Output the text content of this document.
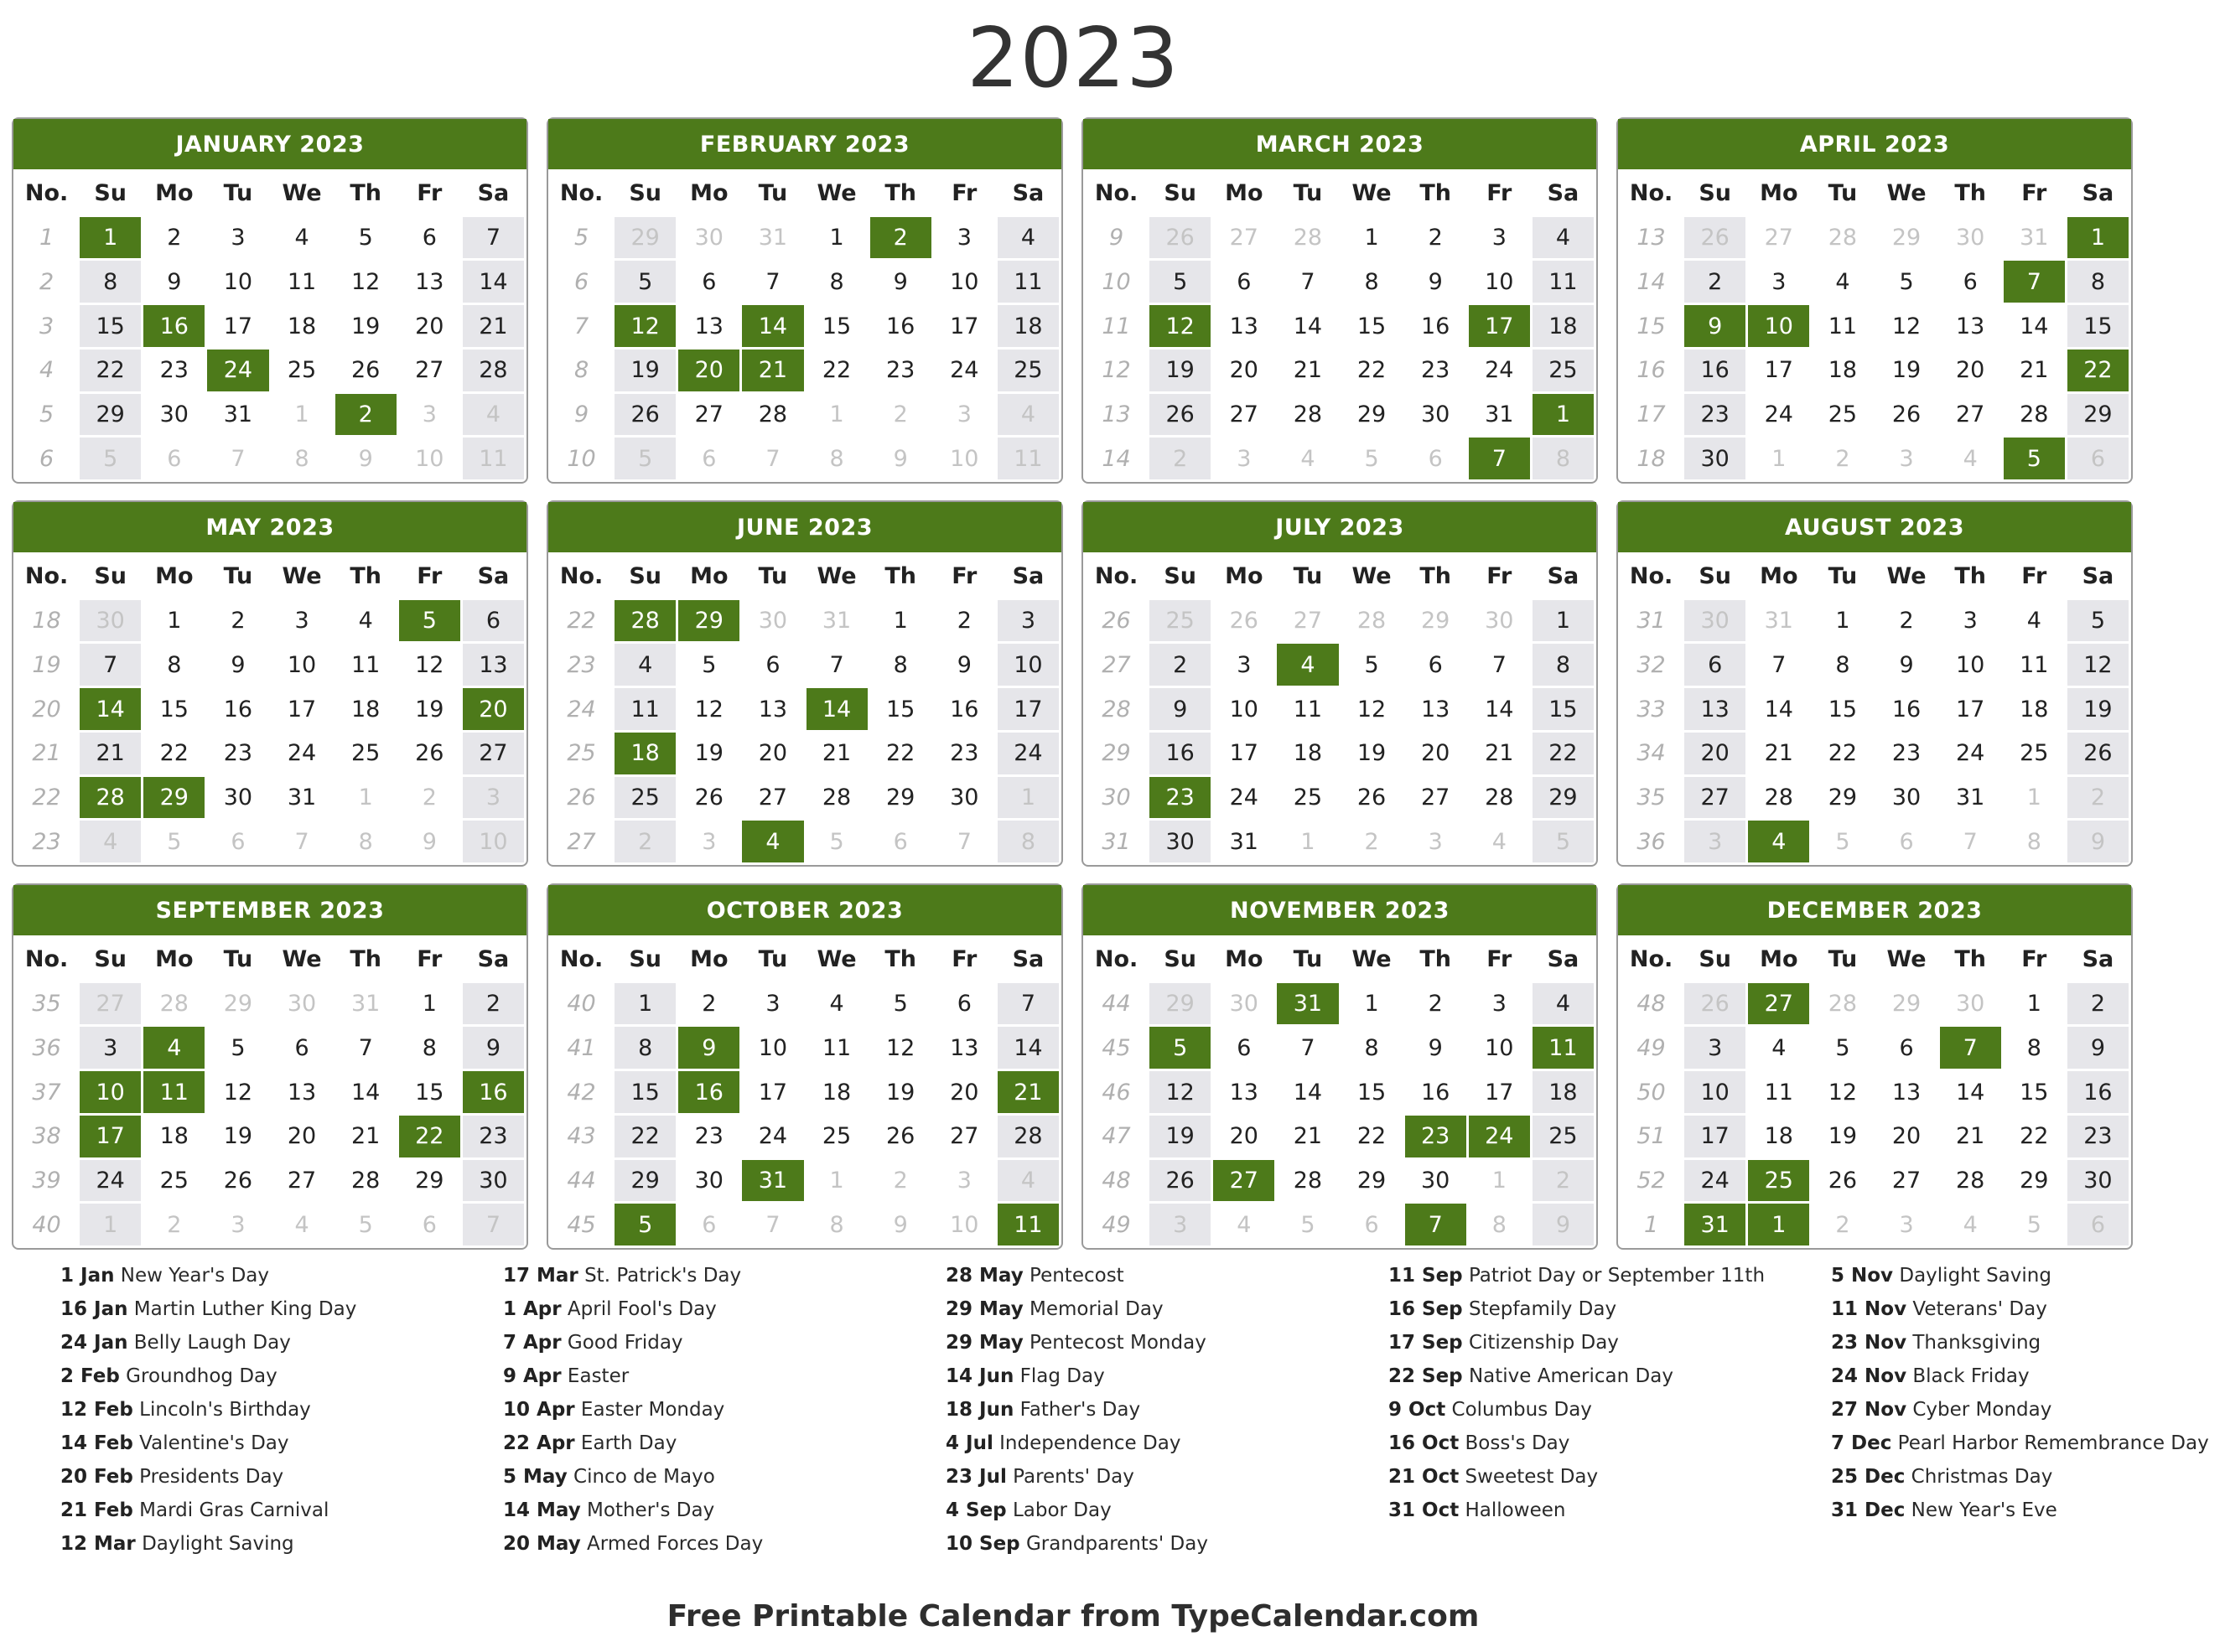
2023
JANUARY 2023
No.	Su	Mo	Tu	We	Th	Fr	Sa
1	1	2	3	4	5	6	7
2	8	9	10	11	12	13	14
3	15	16	17	18	19	20	21
4	22	23	24	25	26	27	28
5	29	30	31	1	2	3	4
6	5	6	7	8	9	10	11
FEBRUARY 2023
No.	Su	Mo	Tu	We	Th	Fr	Sa
5	29	30	31	1	2	3	4
6	5	6	7	8	9	10	11
7	12	13	14	15	16	17	18
8	19	20	21	22	23	24	25
9	26	27	28	1	2	3	4
10	5	6	7	8	9	10	11
MARCH 2023
No.	Su	Mo	Tu	We	Th	Fr	Sa
9	26	27	28	1	2	3	4
10	5	6	7	8	9	10	11
11	12	13	14	15	16	17	18
12	19	20	21	22	23	24	25
13	26	27	28	29	30	31	1
14	2	3	4	5	6	7	8
APRIL 2023
No.	Su	Mo	Tu	We	Th	Fr	Sa
13	26	27	28	29	30	31	1
14	2	3	4	5	6	7	8
15	9	10	11	12	13	14	15
16	16	17	18	19	20	21	22
17	23	24	25	26	27	28	29
18	30	1	2	3	4	5	6
MAY 2023
No.	Su	Mo	Tu	We	Th	Fr	Sa
18	30	1	2	3	4	5	6
19	7	8	9	10	11	12	13
20	14	15	16	17	18	19	20
21	21	22	23	24	25	26	27
22	28	29	30	31	1	2	3
23	4	5	6	7	8	9	10
JUNE 2023
No.	Su	Mo	Tu	We	Th	Fr	Sa
22	28	29	30	31	1	2	3
23	4	5	6	7	8	9	10
24	11	12	13	14	15	16	17
25	18	19	20	21	22	23	24
26	25	26	27	28	29	30	1
27	2	3	4	5	6	7	8
JULY 2023
No.	Su	Mo	Tu	We	Th	Fr	Sa
26	25	26	27	28	29	30	1
27	2	3	4	5	6	7	8
28	9	10	11	12	13	14	15
29	16	17	18	19	20	21	22
30	23	24	25	26	27	28	29
31	30	31	1	2	3	4	5
AUGUST 2023
No.	Su	Mo	Tu	We	Th	Fr	Sa
31	30	31	1	2	3	4	5
32	6	7	8	9	10	11	12
33	13	14	15	16	17	18	19
34	20	21	22	23	24	25	26
35	27	28	29	30	31	1	2
36	3	4	5	6	7	8	9
SEPTEMBER 2023
No.	Su	Mo	Tu	We	Th	Fr	Sa
35	27	28	29	30	31	1	2
36	3	4	5	6	7	8	9
37	10	11	12	13	14	15	16
38	17	18	19	20	21	22	23
39	24	25	26	27	28	29	30
40	1	2	3	4	5	6	7
OCTOBER 2023
No.	Su	Mo	Tu	We	Th	Fr	Sa
40	1	2	3	4	5	6	7
41	8	9	10	11	12	13	14
42	15	16	17	18	19	20	21
43	22	23	24	25	26	27	28
44	29	30	31	1	2	3	4
45	5	6	7	8	9	10	11
NOVEMBER 2023
No.	Su	Mo	Tu	We	Th	Fr	Sa
44	29	30	31	1	2	3	4
45	5	6	7	8	9	10	11
46	12	13	14	15	16	17	18
47	19	20	21	22	23	24	25
48	26	27	28	29	30	1	2
49	3	4	5	6	7	8	9
DECEMBER 2023
No.	Su	Mo	Tu	We	Th	Fr	Sa
48	26	27	28	29	30	1	2
49	3	4	5	6	7	8	9
50	10	11	12	13	14	15	16
51	17	18	19	20	21	22	23
52	24	25	26	27	28	29	30
1	31	1	2	3	4	5	6
1 Jan New Year's Day
16 Jan Martin Luther King Day
24 Jan Belly Laugh Day
2 Feb Groundhog Day
12 Feb Lincoln's Birthday
14 Feb Valentine's Day
20 Feb Presidents Day
21 Feb Mardi Gras Carnival
12 Mar Daylight Saving
17 Mar St. Patrick's Day
1 Apr April Fool's Day
7 Apr Good Friday
9 Apr Easter
10 Apr Easter Monday
22 Apr Earth Day
5 May Cinco de Mayo
14 May Mother's Day
20 May Armed Forces Day
28 May Pentecost
29 May Memorial Day
29 May Pentecost Monday
14 Jun Flag Day
18 Jun Father's Day
4 Jul Independence Day
23 Jul Parents' Day
4 Sep Labor Day
10 Sep Grandparents' Day
11 Sep Patriot Day or September 11th
16 Sep Stepfamily Day
17 Sep Citizenship Day
22 Sep Native American Day
9 Oct Columbus Day
16 Oct Boss's Day
21 Oct Sweetest Day
31 Oct Halloween
5 Nov Daylight Saving
11 Nov Veterans' Day
23 Nov Thanksgiving
24 Nov Black Friday
27 Nov Cyber Monday
7 Dec Pearl Harbor Remembrance Day
25 Dec Christmas Day
31 Dec New Year's Eve
Free Printable Calendar from TypeCalendar.com
